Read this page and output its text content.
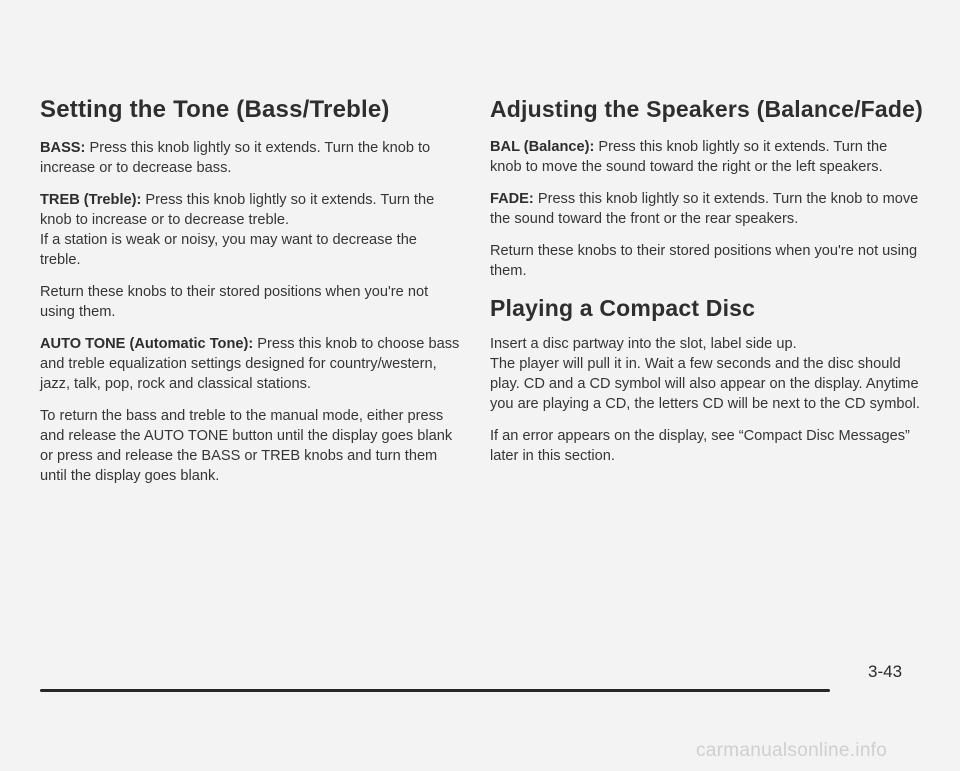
Setting the Tone (Bass/Treble)

BASS: Press this knob lightly so it extends. Turn the knob to increase or to decrease bass.

TREB (Treble): Press this knob lightly so it extends. Turn the knob to increase or to decrease treble.

If a station is weak or noisy, you may want to decrease the treble.

Return these knobs to their stored positions when you're not using them.

AUTO TONE (Automatic Tone): Press this knob to choose bass and treble equalization settings designed for country/western, jazz, talk, pop, rock and classical stations.

To return the bass and treble to the manual mode, either press and release the AUTO TONE button until the display goes blank or press and release the BASS or TREB knobs and turn them until the display goes blank.

Adjusting the Speakers (Balance/Fade)

BAL (Balance): Press this knob lightly so it extends. Turn the knob to move the sound toward the right or the left speakers.

FADE: Press this knob lightly so it extends. Turn the knob to move the sound toward the front or the rear speakers.

Return these knobs to their stored positions when you're not using them.

Playing a Compact Disc

Insert a disc partway into the slot, label side up.

The player will pull it in. Wait a few seconds and the disc should play. CD and a CD symbol will also appear on the display. Anytime you are playing a CD, the letters CD will be next to the CD symbol.

If an error appears on the display, see “Compact Disc Messages” later in this section.

3-43
carmanualsonline.info
